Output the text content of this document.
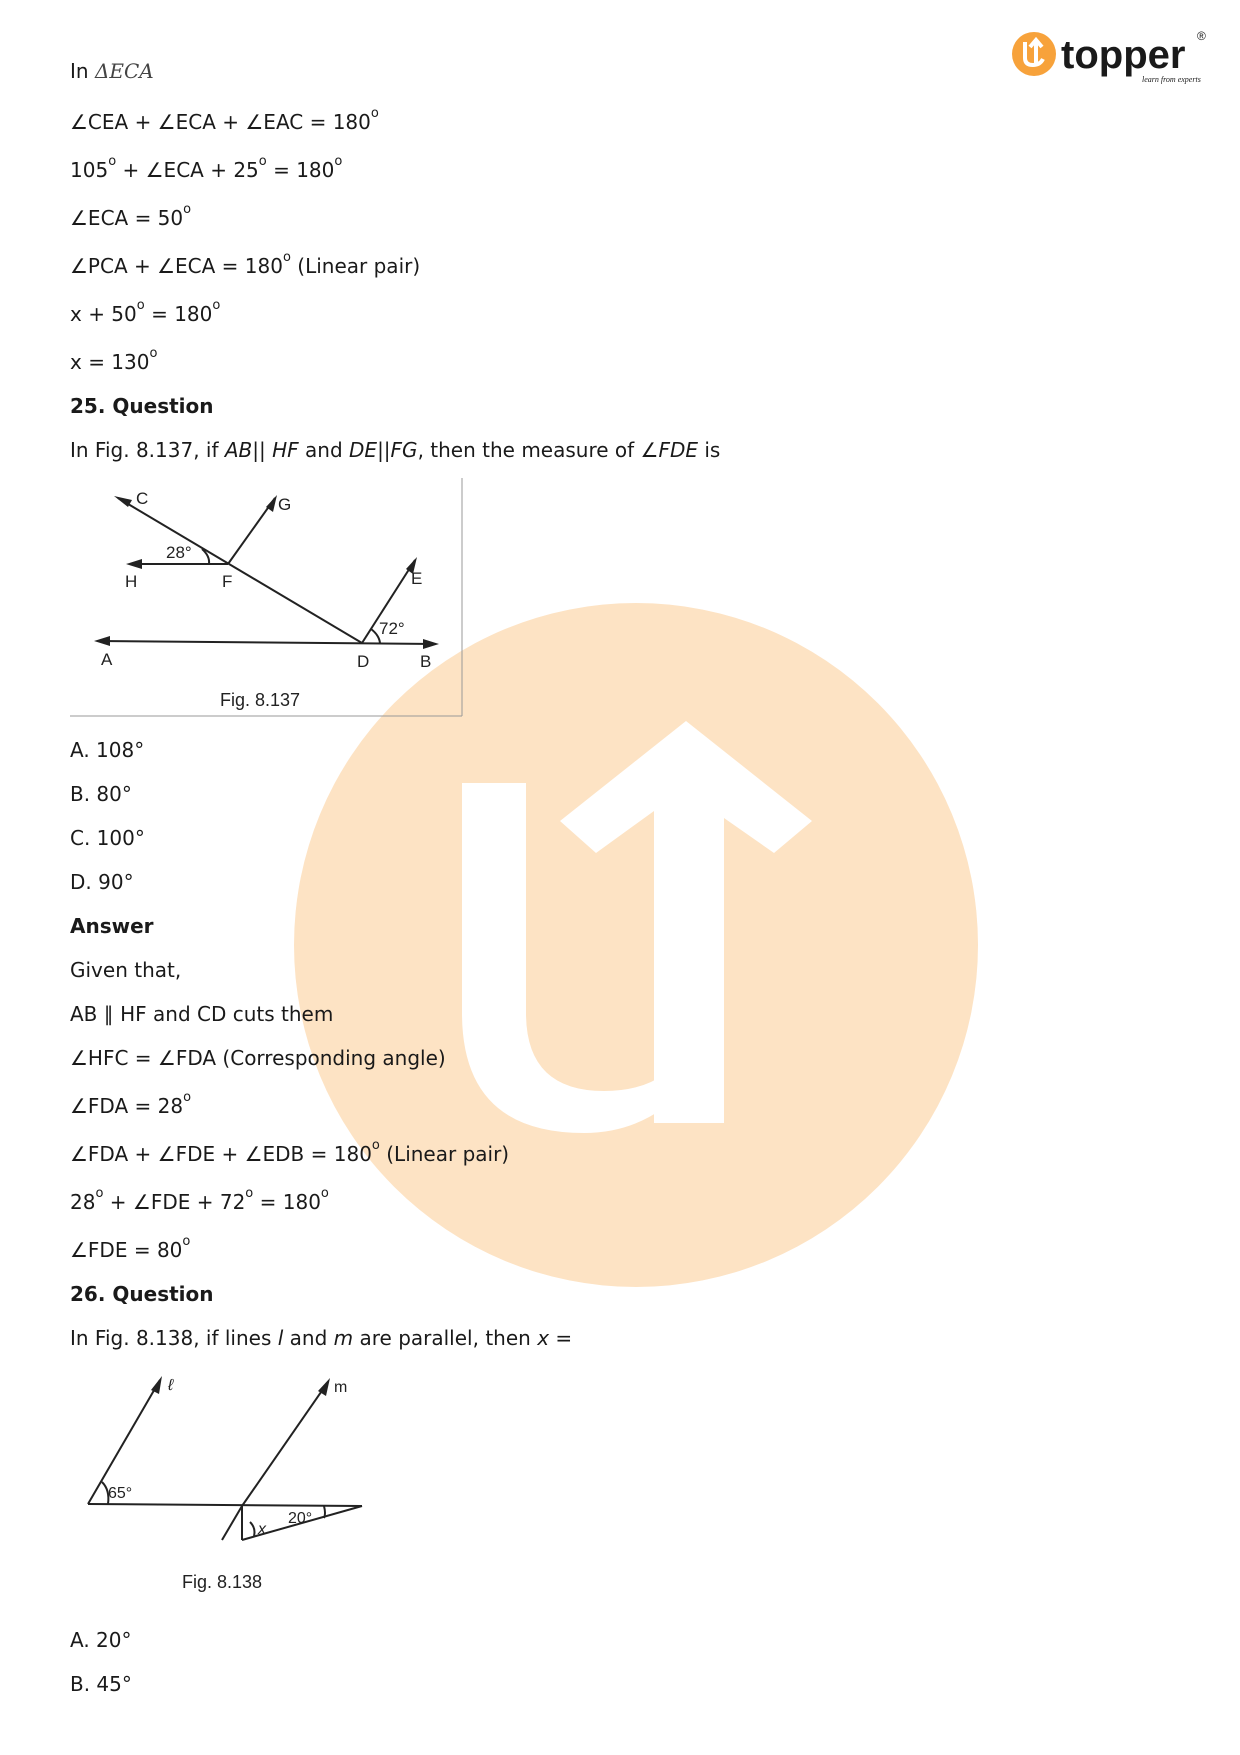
topper ®
learn from experts
In ΔECA
∠CEA + ∠ECA + ∠EAC = $180^o$
$105^o$ + ∠ECA + $25^o = 180^o$
∠ECA = $50^o$
∠PCA + ∠ECA = $180^o$ (Linear pair)
$x + 50^o = 180^o$
$x = 130^o$
25. Question
In Fig. 8.137, if AB|| HF and DE||FG, then the measure of ∠FDE is
C	G
H	F	E
A	D	B
28°
72°
Fig. 8.137
A. 108°
B. 80°
C. 100°
D. 90°
Answer
Given that,
AB ∥ HF and CD cuts them
∠HFC = ∠FDA (Corresponding angle)
∠FDA = $28^o$
∠FDA + ∠FDE + ∠EDB = $180^o$ (Linear pair)
$28^o$ + ∠FDE + $72^o = 180^o$
∠FDE = $80^o$
26. Question
In Fig. 8.138, if lines l and m are parallel, then x =
ℓ	m
65°
20°
x
Fig. 8.138
A. 20°
B. 45°
